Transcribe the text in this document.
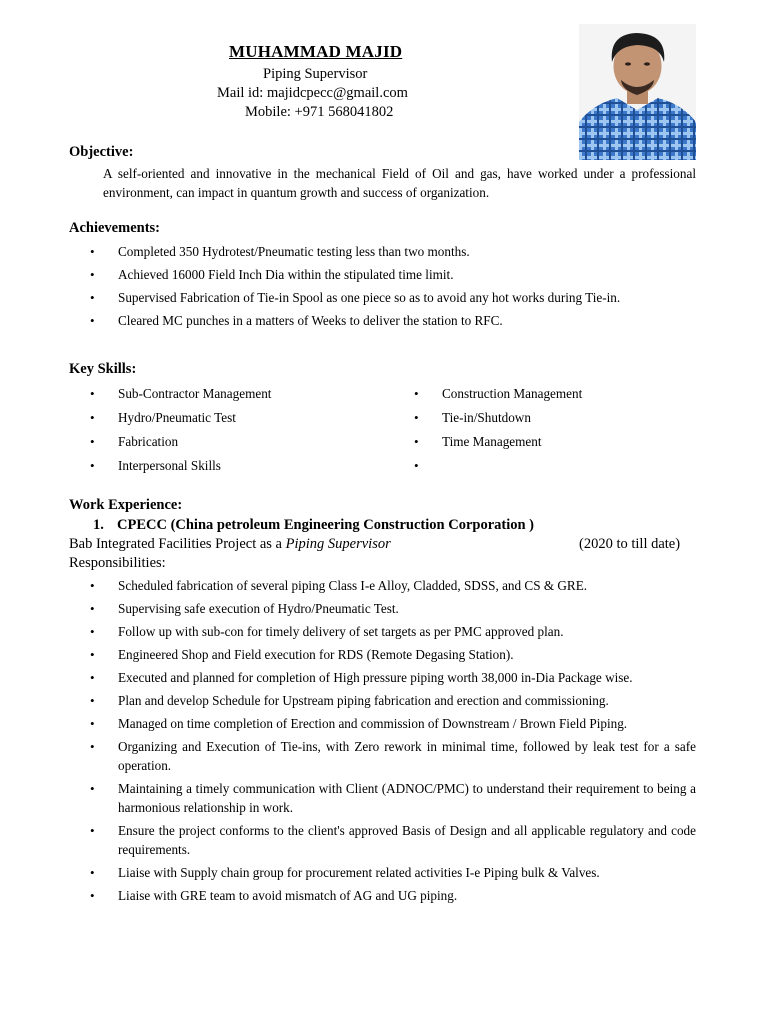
MUHAMMAD MAJID
Piping Supervisor
Mail id: majidcpecc@gmail.com
Mobile: +971 568041802
Objective:
A self-oriented and innovative in the mechanical Field of Oil and gas, have worked under a professional environment, can impact in quantum growth and success of organization.
Achievements:
• Completed 350 Hydrotest/Pneumatic testing less than two months.
• Achieved 16000 Field Inch Dia within the stipulated time limit.
• Supervised Fabrication of Tie-in Spool as one piece so as to avoid any hot works during Tie-in.
• Cleared MC punches in a matters of Weeks to deliver the station to RFC.
Key Skills:
• Sub-Contractor Management
• Hydro/Pneumatic Test
• Fabrication
• Interpersonal Skills
• Construction Management
• Tie-in/Shutdown
• Time Management
•
Work Experience:
1. CPECC (China petroleum Engineering Construction Corporation )
Bab Integrated Facilities Project as a Piping Supervisor	(2020 to till date)
Responsibilities:
• Scheduled fabrication of several piping Class I-e Alloy, Cladded, SDSS, and CS & GRE.
• Supervising safe execution of Hydro/Pneumatic Test.
• Follow up with sub-con for timely delivery of set targets as per PMC approved plan.
• Engineered Shop and Field execution for RDS (Remote Degasing Station).
• Executed and planned for completion of High pressure piping worth 38,000 in-Dia Package wise.
• Plan and develop Schedule for Upstream piping fabrication and erection and commissioning.
• Managed on time completion of Erection and commission of Downstream / Brown Field Piping.
• Organizing and Execution of Tie-ins, with Zero rework in minimal time, followed by leak test for a safe operation.
• Maintaining a timely communication with Client (ADNOC/PMC) to understand their requirement to being a harmonious relationship in work.
• Ensure the project conforms to the client's approved Basis of Design and all applicable regulatory and code requirements.
• Liaise with Supply chain group for procurement related activities I-e Piping bulk & Valves.
• Liaise with GRE team to avoid mismatch of AG and UG piping.
